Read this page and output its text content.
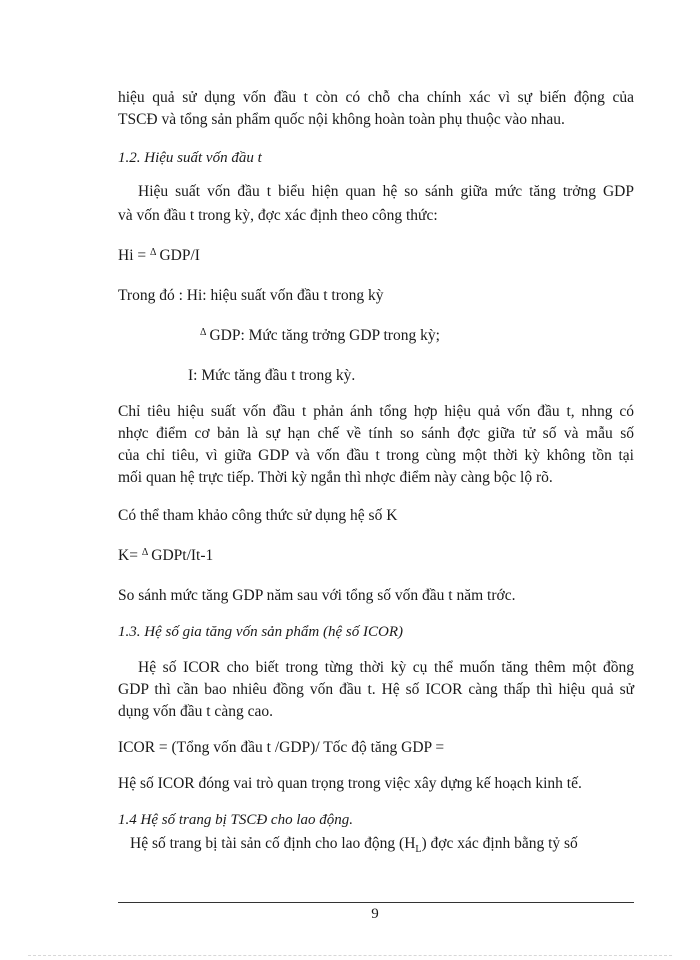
hiệu quả sử dụng vốn đầu t còn có chỗ cha chính xác vì sự biến động của

TSCĐ và tổng sản phẩm quốc nội không hoàn toàn phụ thuộc vào nhau.

1.2. Hiệu suất vốn đầu t

Hiệu suất vốn đầu t biểu hiện quan hệ so sánh giữa mức tăng trởng GDP

và vốn đầu t trong kỳ, đợc xác định theo công thức:

Hi = $^\Delta$ GDP/I

Trong đó : Hi: hiệu suất vốn đầu t trong kỳ

$^\Delta$ GDP: Mức tăng trởng GDP trong kỳ;

I: Mức tăng đầu t trong kỳ.

Chỉ tiêu hiệu suất vốn đầu t phản ánh tổng hợp hiệu quả vốn đầu t, nhng có

nhợc điểm cơ bản là sự hạn chế về tính so sánh đợc giữa tử số và mẫu số

của chỉ tiêu, vì giữa GDP và vốn đầu t trong cùng một thời kỳ không tồn tại

mối quan hệ trực tiếp. Thời kỳ ngắn thì nhợc điểm này càng bộc lộ rõ.

Có thể tham khảo công thức sử dụng hệ số K

K= $^\Delta$ GDPt/It-1

So sánh mức tăng GDP năm sau với tổng số vốn đầu t năm trớc.

1.3. Hệ số gia tăng vốn sản phẩm (hệ số ICOR)

Hệ số ICOR cho biết trong từng thời kỳ cụ thể muốn tăng thêm một đồng

GDP thì cần bao nhiêu đồng vốn đầu t. Hệ số ICOR càng thấp thì hiệu quả sử

dụng vốn đầu t càng cao.

ICOR = (Tổng vốn đầu t /GDP)/ Tốc độ tăng GDP =

Hệ số ICOR đóng vai trò quan trọng trong việc xây dựng kế hoạch kinh tế.

1.4 Hệ số trang bị TSCĐ cho lao động.

Hệ số trang bị tài sản cố định cho lao động $(H_L)$ đợc xác định bằng tỷ số

9
